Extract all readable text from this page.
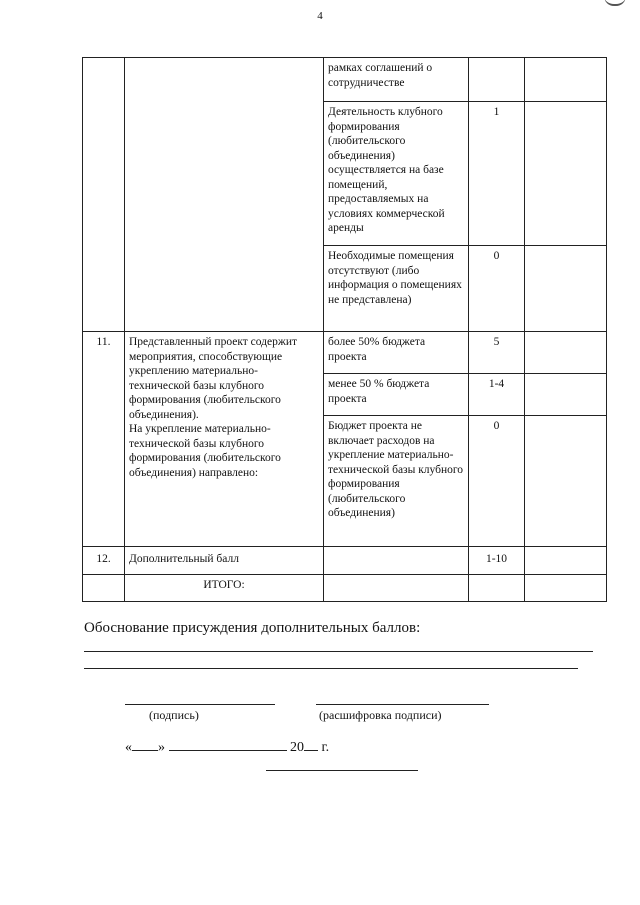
4
		рамках соглашений о сотрудничестве		
		Деятельность клубного формирования (любительского объединения) осуществляется на базе помещений, предоставляемых на условиях коммерческой аренды	1	
		Необходимые помещения отсутствуют (либо информация о помещениях не представлена)	0	
11.	Представленный проект содержит мероприятия, способствующие укреплению материально-технической базы клубного формирования (любительского объединения).
На укрепление материально-технической базы клубного формирования (любительского объединения) направлено:	более 50% бюджета проекта	5	
		менее 50 % бюджета проекта	1-4	
		Бюджет проекта не включает расходов на укрепление материально-технической базы клубного формирования (любительского объединения)	0	
12.	Дополнительный балл		1-10	
	ИТОГО:			
Обоснование присуждения дополнительных баллов:
(подпись)	(расшифровка подписи)
« »	20 г.
